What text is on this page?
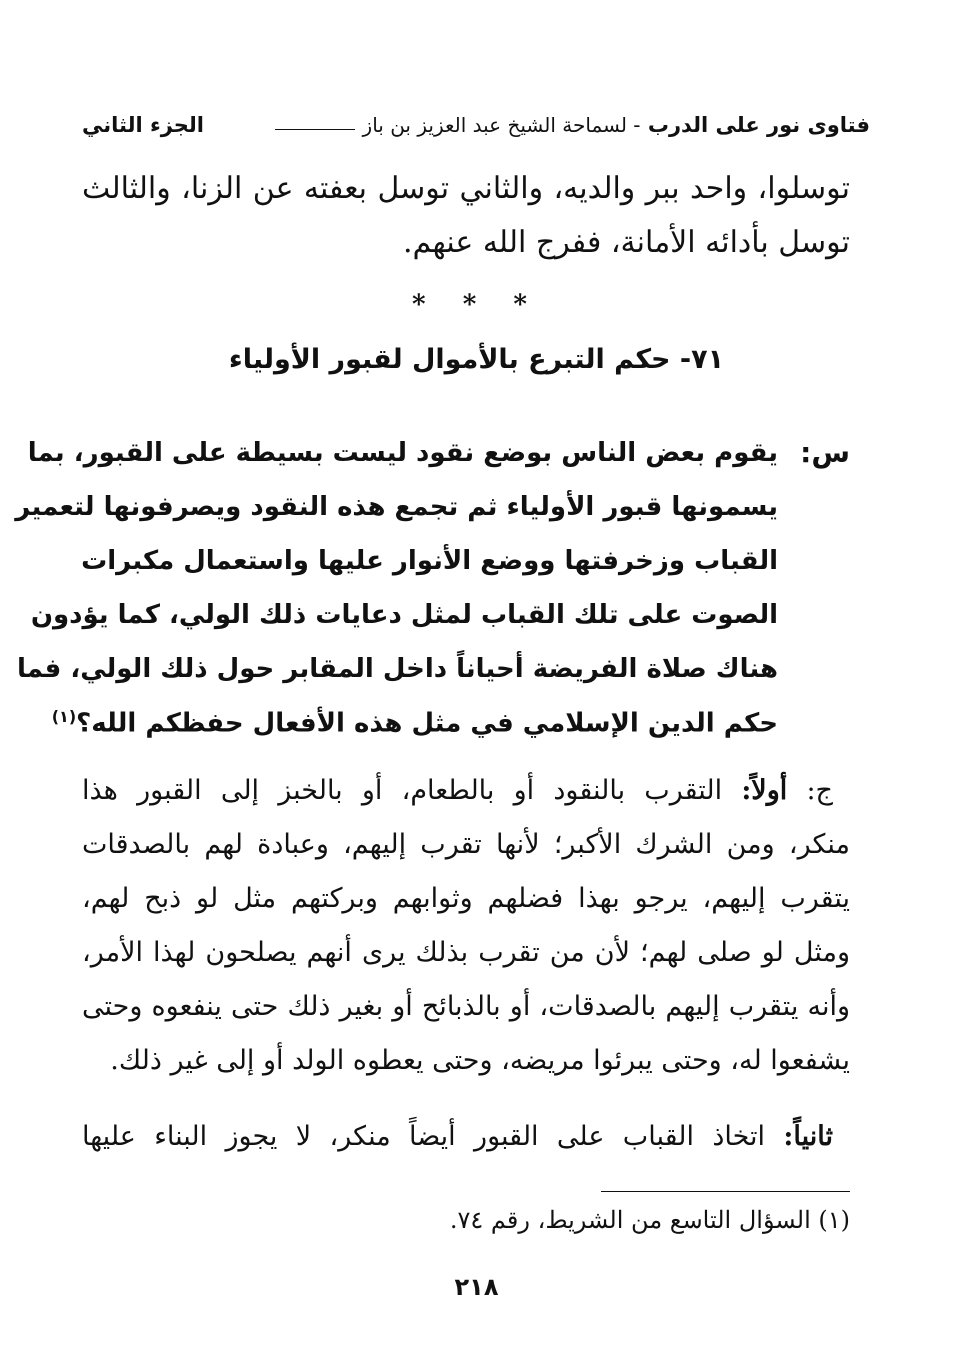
فتاوى نور على الدرب

- لسماحة الشيخ عبد العزيز بن باز
الجزء الثاني
توسلوا، واحد ببر والديه، والثاني توسل بعفته عن الزنا، والثالث
توسل بأدائه الأمانة، ففرج الله عنهم.
* * *
٧١- حكم التبرع بالأموال لقبور الأولياء
س:
يقوم بعض الناس بوضع نقود ليست بسيطة على القبور، بما
يسمونها قبور الأولياء ثم تجمع هذه النقود ويصرفونها لتعمير
القباب وزخرفتها ووضع الأنوار عليها واستعمال مكبرات
الصوت على تلك القباب لمثل دعايات ذلك الولي، كما يؤدون
هناك صلاة الفريضة أحياناً داخل المقابر حول ذلك الولي، فما
حكم الدين الإسلامي في مثل هذه الأفعال حفظكم الله؟$^{(١)}$
ج: أولاً: التقرب بالنقود أو بالطعام، أو بالخبز إلى القبور هذا
منكر، ومن الشرك الأكبر؛ لأنها تقرب إليهم، وعبادة لهم بالصدقات
يتقرب إليهم، يرجو بهذا فضلهم وثوابهم وبركتهم مثل لو ذبح لهم،
ومثل لو صلى لهم؛ لأن من تقرب بذلك يرى أنهم يصلحون لهذا الأمر،
وأنه يتقرب إليهم بالصدقات، أو بالذبائح أو بغير ذلك حتى ينفعوه وحتى
يشفعوا له، وحتى يبرئوا مريضه، وحتى يعطوه الولد أو إلى غير ذلك.
ثانياً: اتخاذ القباب على القبور أيضاً منكر، لا يجوز البناء عليها
(١) السؤال التاسع من الشريط، رقم ٧٤.
٢١٨
